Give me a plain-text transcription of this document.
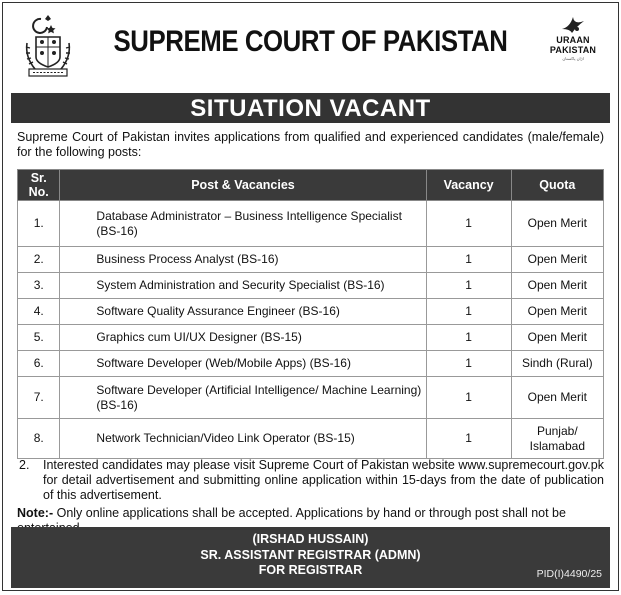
SUPREME COURT OF PAKISTAN	URAAN
PAKISTAN
اڑان پاکستان
SITUATION VACANT
Supreme Court of Pakistan invites applications from qualified and experienced candidates (male/female) for the following posts:
Sr. No.	Post & Vacancies	Vacancy	Quota
1.	Database Administrator – Business Intelligence Specialist (BS-16)	1	Open Merit
2.	Business Process Analyst (BS-16)	1	Open Merit
3.	System Administration and Security Specialist (BS-16)	1	Open Merit
4.	Software Quality Assurance Engineer (BS-16)	1	Open Merit
5.	Graphics cum UI/UX Designer (BS-15)	1	Open Merit
6.	Software Developer (Web/Mobile Apps) (BS-16)	1	Sindh (Rural)
7.	Software Developer (Artificial Intelligence/ Machine Learning) (BS-16)	1	Open Merit
8.	Network Technician/Video Link Operator (BS-15)	1	Punjab/ Islamabad
2. Interested candidates may please visit Supreme Court of Pakistan website www.supremecourt.gov.pk for detail advertisement and submitting online application within 15-days from the date of publication of this advertisement.
Note:- Only online applications shall be accepted. Applications by hand or through post shall not be
(IRSHAD HUSSAIN)
SR. ASSISTANT REGISTRAR (ADMN)
FOR REGISTRAR	PID(I)4490/25
